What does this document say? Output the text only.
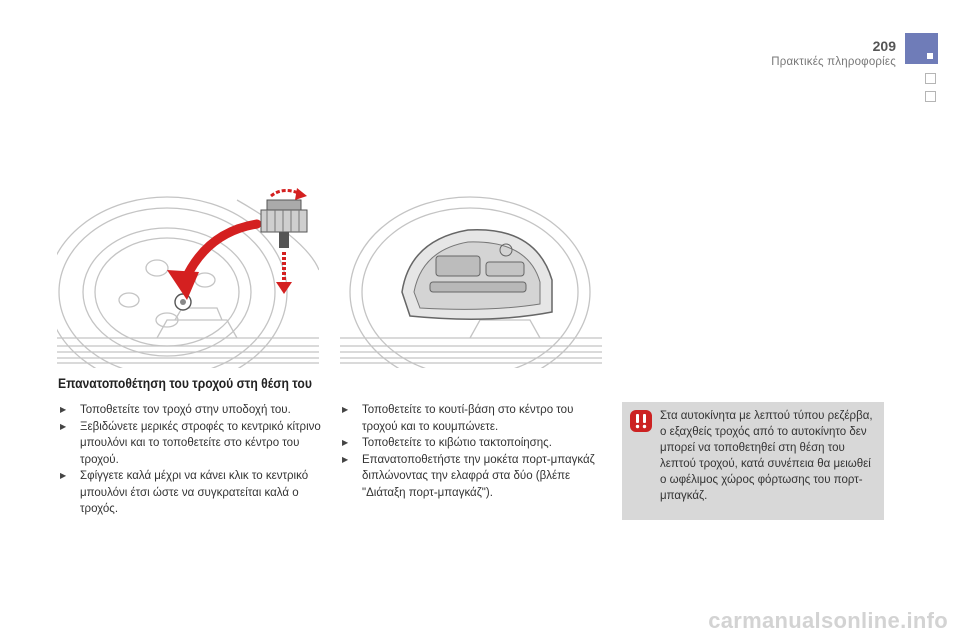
209
Πρακτικές πληροφορίες
Επανατοποθέτηση του τροχού στη θέση του
▶ Τοποθετείτε τον τροχό στην υποδοχή του.
▶ Ξεβιδώνετε μερικές στροφές το κεντρικό κίτρινο μπουλόνι και το τοποθετείτε στο κέντρο του τροχού.
▶ Σφίγγετε καλά μέχρι να κάνει κλικ το κεντρικό μπουλόνι έτσι ώστε να συγκρατείται καλά ο τροχός.
▶ Τοποθετείτε το κουτί-βάση στο κέντρο του τροχού και το κουμπώνετε.
▶ Τοποθετείτε το κιβώτιο τακτοποίησης.
▶ Επανατοποθετήστε την μοκέτα πορτ-μπαγκάζ διπλώνοντας την ελαφρά στα δύο (βλέπε "Διάταξη πορτ-μπαγκάζ").

Στα αυτοκίνητα με λεπτού τύπου ρεζέρβα, ο εξαχθείς τροχός από το αυτοκίνητο δεν μπορεί να τοποθετηθεί στη θέση του λεπτού τροχού, κατά συνέπεια θα μειωθεί ο ωφέλιμος χώρος φόρτωσης του πορτ-μπαγκάζ.

carmanualsonline.info
